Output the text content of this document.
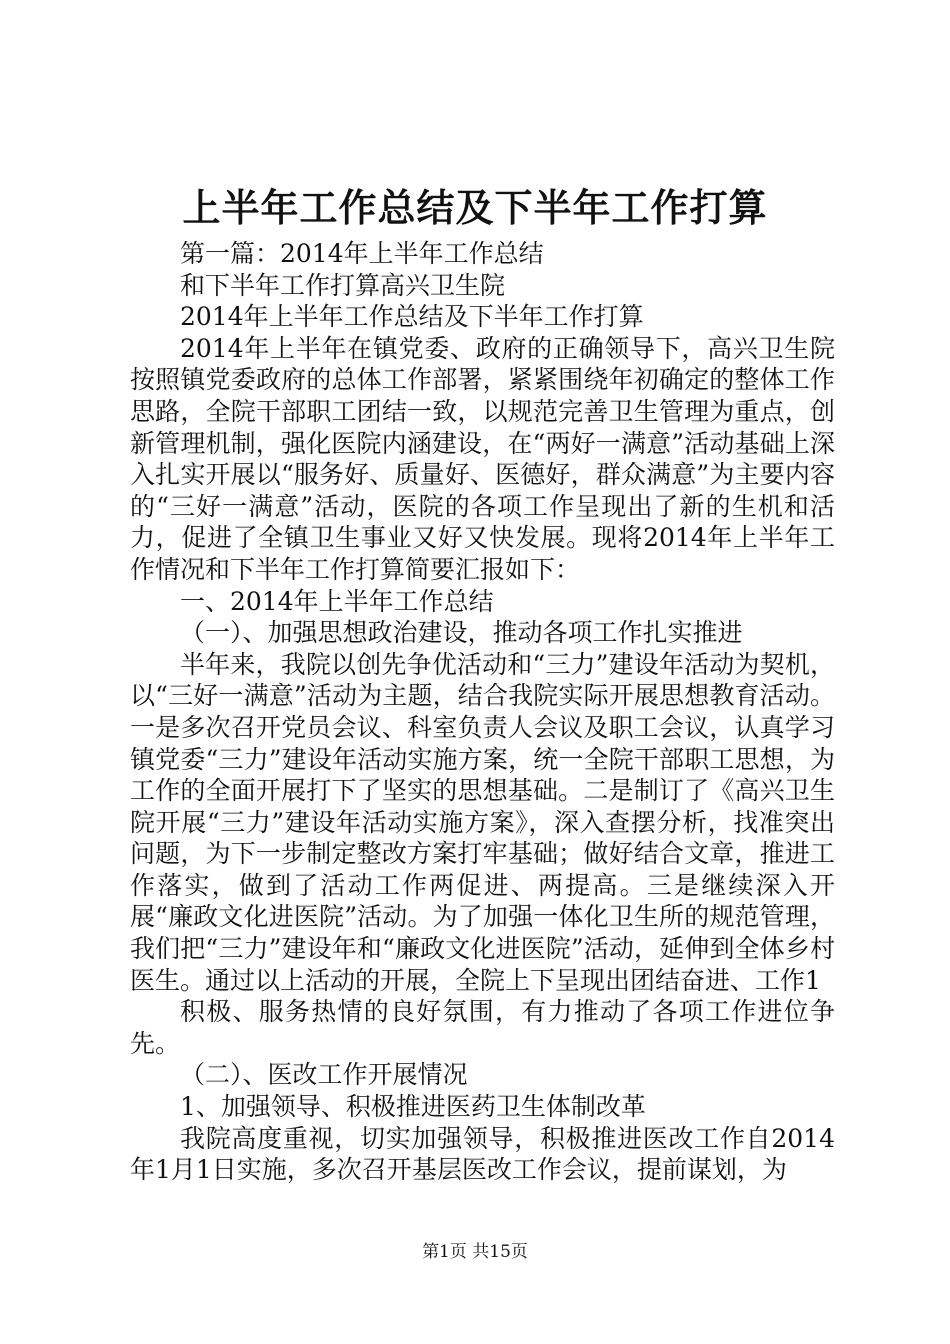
上半年工作总结及下半年工作打算

第一篇：2014年上半年工作总结

和下半年工作打算高兴卫生院

2014年上半年工作总结及下半年工作打算

2014年上半年在镇党委、政府的正确领导下，高兴卫生院按照镇党委政府的总体工作部署，紧紧围绕年初确定的整体工作思路，全院干部职工团结一致，以规范完善卫生管理为重点，创新管理机制，强化医院内涵建设，在“两好一满意”活动基础上深入扎实开展以“服务好、质量好、医德好，群众满意”为主要内容的“三好一满意”活动，医院的各项工作呈现出了新的生机和活力，促进了全镇卫生事业又好又快发展。现将2014年上半年工作情况和下半年工作打算简要汇报如下：

一、2014年上半年工作总结

（一）、加强思想政治建设，推动各项工作扎实推进

半年来，我院以创先争优活动和“三力”建设年活动为契机，以“三好一满意”活动为主题，结合我院实际开展思想教育活动。一是多次召开党员会议、科室负责人会议及职工会议，认真学习镇党委“三力”建设年活动实施方案，统一全院干部职工思想，为工作的全面开展打下了坚实的思想基础。二是制订了《高兴卫生院开展“三力”建设年活动实施方案》，深入查摆分析，找准突出问题，为下一步制定整改方案打牢基础；做好结合文章，推进工作落实，做到了活动工作两促进、两提高。三是继续深入开展“廉政文化进医院”活动。为了加强一体化卫生所的规范管理，我们把“三力”建设年和“廉政文化进医院”活动，延伸到全体乡村医生。通过以上活动的开展，全院上下呈现出团结奋进、工作1

积极、服务热情的良好氛围，有力推动了各项工作进位争先。

（二）、医改工作开展情况

1、加强领导、积极推进医药卫生体制改革

我院高度重视，切实加强领导，积极推进医改工作自2014年1月1日实施，多次召开基层医改工作会议，提前谋划，为

第1页 共15页
